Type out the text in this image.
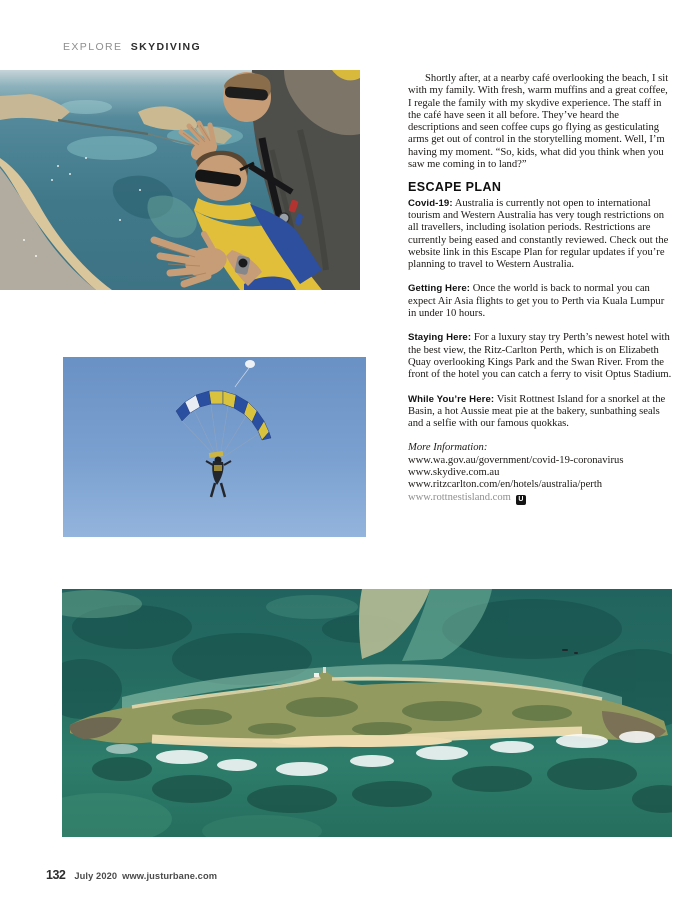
EXPLORE SKYDIVING

Shortly after, at a nearby café overlooking the beach, I sit with my family. With fresh, warm muffins and a great coffee, I regale the family with my skydive experience. The staff in the café have seen it all before. They’ve heard the descriptions and seen coffee cups go flying as gesticulating arms get out of control in the storytelling moment. Well, I’m having my moment. “So, kids, what did you think when you saw me coming in to land?”

ESCAPE PLAN

Covid-19: Australia is currently not open to international tourism and Western Australia has very tough restrictions on all travellers, including isolation periods. Restrictions are currently being eased and constantly reviewed. Check out the website link in this Escape Plan for regular updates if you’re planning to travel to Western Australia.

Getting Here: Once the world is back to normal you can expect Air Asia flights to get you to Perth via Kuala Lumpur in under 10 hours.

Staying Here: For a luxury stay try Perth’s newest hotel with the best view, the Ritz-Carlton Perth, which is on Elizabeth Quay overlooking Kings Park and the Swan River. From the front of the hotel you can catch a ferry to visit Optus Stadium.

While You’re Here: Visit Rottnest Island for a snorkel at the Basin, a hot Aussie meat pie at the bakery, sunbathing seals and a selfie with our famous quokkas.

More Information:
www.wa.gov.au/government/covid-19-coronavirus
www.skydive.com.au
www.ritzcarlton.com/en/hotels/australia/perth
www.rottnestisland.com U
132 July 2020 www.justurbane.com
